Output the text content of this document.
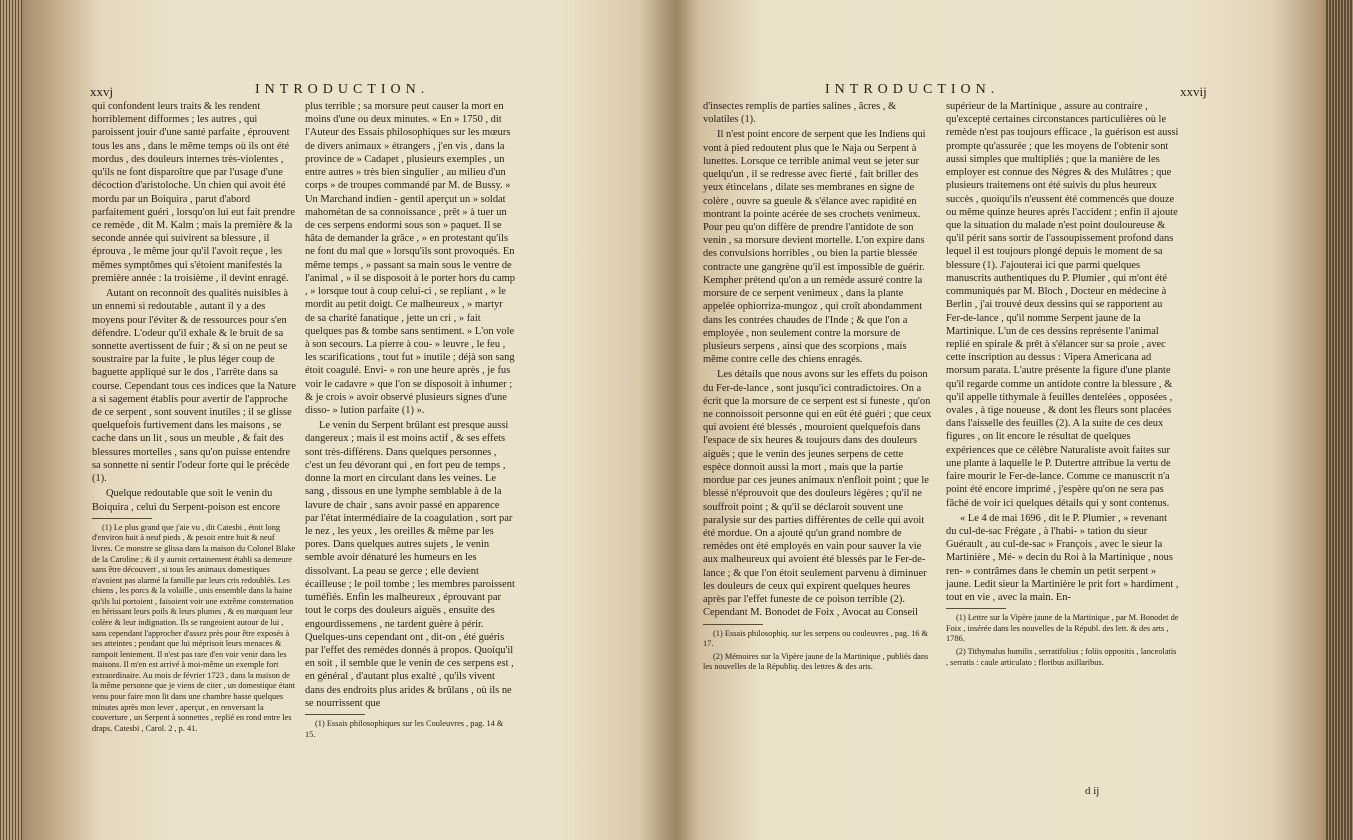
xxvj	INTRODUCTION.

qui confondent leurs traits & les rendent horriblement difformes ; les autres , qui paroissent jouir d'une santé parfaite , éprouvent tous les ans , dans le même temps où ils ont été mordus , des douleurs internes très-violentes , qu'ils ne font disparoître que par l'usage d'une décoction d'aristoloche. Un chien qui avoit été mordu par un Boiquira , parut d'abord parfaitement guéri , lorsqu'on lui eut fait prendre ce remède , dit M. Kalm ; mais la première & la seconde année qui suivirent sa blessure , il éprouva , le même jour qu'il l'avoit reçue , les mêmes symptômes qui s'étoient manifestés la première année : la troisième , il devint enragé.

Autant on reconnoît des qualités nuisibles à un ennemi si redoutable , autant il y a des moyens pour l'éviter & de ressources pour s'en défendre. L'odeur qu'il exhale & le bruit de sa sonnette avertissent de fuir ; & si on ne peut se soustraire par la fuite , le plus léger coup de baguette appliqué sur le dos , l'arrête dans sa course. Cependant tous ces indices que la Nature a si sagement établis pour avertir de l'approche de ce serpent , sont souvent inutiles ; il se glisse quelquefois furtivement dans les maisons , se cache dans un lit , sous un meuble , & fait des blessures mortelles , sans qu'on puisse entendre sa sonnette ni sentir l'odeur forte qui le précède (1).

Quelque redoutable que soit le venin du Boiquira , celui du Serpent-poison est encore

(1) Le plus grand que j'aie vu , dit Catesbi , étoit long d'environ huit à neuf pieds , & pesoit entre huit & neuf livres. Ce monstre se glissa dans la maison du Colonel Blake de la Caroline ; & il y auroit certainement établi sa demeure sans être découvert , si tous les animaux domestiques n'avoient pas alarmé la famille par leurs cris redoublés. Les chiens , les porcs & la volaille , unis ensemble dans la haine qu'ils lui portoient , faisoient voir une extrême consternation en hérissant leurs poils & leurs plumes , & en marquant leur colère & leur indignation. Ils se rangeoient autour de lui , sans cependant l'approcher d'assez près pour être exposés à ses atteintes ; pendant que lui méprisoit leurs menaces & rampoit lentement. Il n'est pas rare d'en voir venir dans les maisons. Il m'en est arrivé à moi-même un exemple fort extraordinaire. Au mois de février 1723 , dans la maison de la même personne que je viens de citer , un domestique étant venu pour faire mon lit dans une chambre basse quelques minutes après mon lever , aperçut , en renversant la couverture , un Serpent à sonnettes , replié en rond entre les draps. Catesbi , Carol. 2 , p. 41.

plus terrible ; sa morsure peut causer la mort en moins d'une ou deux minutes. « En » 1750 , dit l'Auteur des Essais philosophiques sur les mœurs de divers animaux » étrangers , j'en vis , dans la province de » Cadapet , plusieurs exemples , un entre autres » très bien singulier , au milieu d'un corps » de troupes commandé par M. de Bussy. » Un Marchand indien - gentil aperçut un » soldat mahométan de sa connoissance , prêt » à tuer un de ces serpens endormi sous son » paquet. Il se hâta de demander la grâce , » en protestant qu'ils ne font du mal que » lorsqu'ils sont provoqués. En même temps , » passant sa main sous le ventre de l'animal , » il se disposoit à le porter hors du camp , » lorsque tout à coup celui-ci , se repliant , » le mordit au petit doigt. Ce malheureux , » martyr de sa charité fanatique , jette un cri , » fait quelques pas & tombe sans sentiment. » L'on vole à son secours. La pierre à cou- » leuvre , le feu , les scarifications , tout fut » inutile ; déjà son sang étoit coagulé. Envi- » ron une heure après , je fus voir le cadavre » que l'on se disposoit à inhumer ; & je crois » avoir observé plusieurs signes d'une disso- » lution parfaite (1) ».

Le venin du Serpent brûlant est presque aussi dangereux ; mais il est moins actif , & ses effets sont très-différens. Dans quelques personnes , c'est un feu dévorant qui , en fort peu de temps , donne la mort en circulant dans les veines. Le sang , dissous en une lymphe semblable à de la lavure de chair , sans avoir passé en apparence par l'état intermédiaire de la coagulation , sort par le nez , les yeux , les oreilles & même par les pores. Dans quelques autres sujets , le venin semble avoir dénaturé les humeurs en les dissolvant. La peau se gerce ; elle devient écailleuse ; le poil tombe ; les membres paroissent tuméfiés. Enfin les malheureux , éprouvant par tout le corps des douleurs aiguës , ensuite des engourdissemens , ne tardent guère à périr. Quelques-uns cependant ont , dit-on , été guéris par l'effet des remèdes donnés à propos. Quoiqu'il en soit , il semble que le venin de ces serpens est , en général , d'autant plus exalté , qu'ils vivent dans des endroits plus arides & brûlans , où ils ne se nourrissent que

(1) Essais philosophiques sur les Couleuvres , pag. 14 & 15.

INTRODUCTION.	xxvij

d'insectes remplis de parties salines , âcres , & volatiles (1).

Il n'est point encore de serpent que les Indiens qui vont à pied redoutent plus que le Naja ou Serpent à lunettes. Lorsque ce terrible animal veut se jeter sur quelqu'un , il se redresse avec fierté , fait briller des yeux étincelans , dilate ses membranes en signe de colère , ouvre sa gueule & s'élance avec rapidité en montrant la pointe acérée de ses crochets venimeux. Pour peu qu'on diffère de prendre l'antidote de son venin , sa morsure devient mortelle. L'on expire dans des convulsions horribles , ou bien la partie blessée contracte une gangrène qu'il est impossible de guérir. Kempher prétend qu'on a un remède assuré contre la morsure de ce serpent venimeux , dans la plante appelée ophiorriza-mungoz , qui croît abondamment dans les contrées chaudes de l'Inde ; & que l'on a employée , non seulement contre la morsure de plusieurs serpens , ainsi que des scorpions , mais même contre celle des chiens enragés.

Les détails que nous avons sur les effets du poison du Fer-de-lance , sont jusqu'ici contradictoires. On a écrit que la morsure de ce serpent est si funeste , qu'on ne connoissoit personne qui en eût été guéri ; que ceux qui avoient été blessés , mouroient quelquefois dans l'espace de six heures & toujours dans des douleurs aiguës ; que le venin des jeunes serpens de cette espèce donnoit aussi la mort , mais que la partie mordue par ces jeunes animaux n'enfloit point ; que le blessé n'éprouvoit que des douleurs légères ; qu'il ne souffroit point ; & qu'il se déclaroit souvent une paralysie sur des parties différentes de celle qui avoit été mordue. On a ajouté qu'un grand nombre de remèdes ont été employés en vain pour sauver la vie aux malheureux qui avoient été blessés par le Fer-de-lance ; & que l'on étoit seulement parvenu à diminuer les douleurs de ceux qui expirent quelques heures après par l'effet funeste de ce poison terrible (2). Cependant M. Bonodet de Foix , Avocat au Conseil

(1) Essais philosophiq. sur les serpens ou couleuvres , pag. 16 & 17.

(2) Mémoires sur la Vipère jaune de la Martinique , publiés dans les nouvelles de la Républiq. des lettres & des arts.

supérieur de la Martinique , assure au contraire , qu'excepté certaines circonstances particulières où le remède n'est pas toujours efficace , la guérison est aussi prompte qu'assurée ; que les moyens de l'obtenir sont aussi simples que multipliés ; que la manière de les employer est connue des Nègres & des Mulâtres ; que plusieurs traitemens ont été suivis du plus heureux succès , quoiqu'ils n'eussent été commencés que douze ou même quinze heures après l'accident ; enfin il ajoute que la situation du malade n'est point douloureuse & qu'il périt sans sortir de l'assoupissement profond dans lequel il est toujours plongé depuis le moment de sa blessure (1). J'ajouterai ici que parmi quelques manuscrits authentiques du P. Plumier , qui m'ont été communiqués par M. Bloch , Docteur en médecine à Berlin , j'ai trouvé deux dessins qui se rapportent au Fer-de-lance , qu'il nomme Serpent jaune de la Martinique. L'un de ces dessins représente l'animal replié en spirale & prêt à s'élancer sur sa proie , avec cette inscription au dessus : Vipera Americana ad morsum parata. L'autre présente la figure d'une plante qu'il regarde comme un antidote contre la blessure , & qu'il appelle tithymale à feuilles dentelées , opposées , ovales , à tige noueuse , & dont les fleurs sont placées dans l'aisselle des feuilles (2). A la suite de ces deux figures , on lit encore le résultat de quelques expériences que ce célèbre Naturaliste avoit faites sur une plante à laquelle le P. Dutertre attribue la vertu de faire mourir le Fer-de-lance. Comme ce manuscrit n'a point été encore imprimé , j'espère qu'on ne sera pas fâché de voir ici quelques détails qui y sont contenus.

« Le 4 de mai 1696 , dit le P. Plumier , » revenant du cul-de-sac Frégate , à l'habi- » tation du sieur Guérault , au cul-de-sac » François , avec le sieur la Martinière , Mé- » decin du Roi à la Martinique , nous ren- » contrâmes dans le chemin un petit serpent » jaune. Ledit sieur la Martinière le prit fort » hardiment , tout en vie , avec la main. En-

(1) Lettre sur la Vipère jaune de la Martinique , par M. Bonodet de Foix , insérée dans les nouvelles de la Républ. des lett. & des arts , 1786.

(2) Tithymalus humilis , serratifolius ; foliis oppositis , lanceolatis , serratis : caule articulato ; floribus axillaribus.

d ij
